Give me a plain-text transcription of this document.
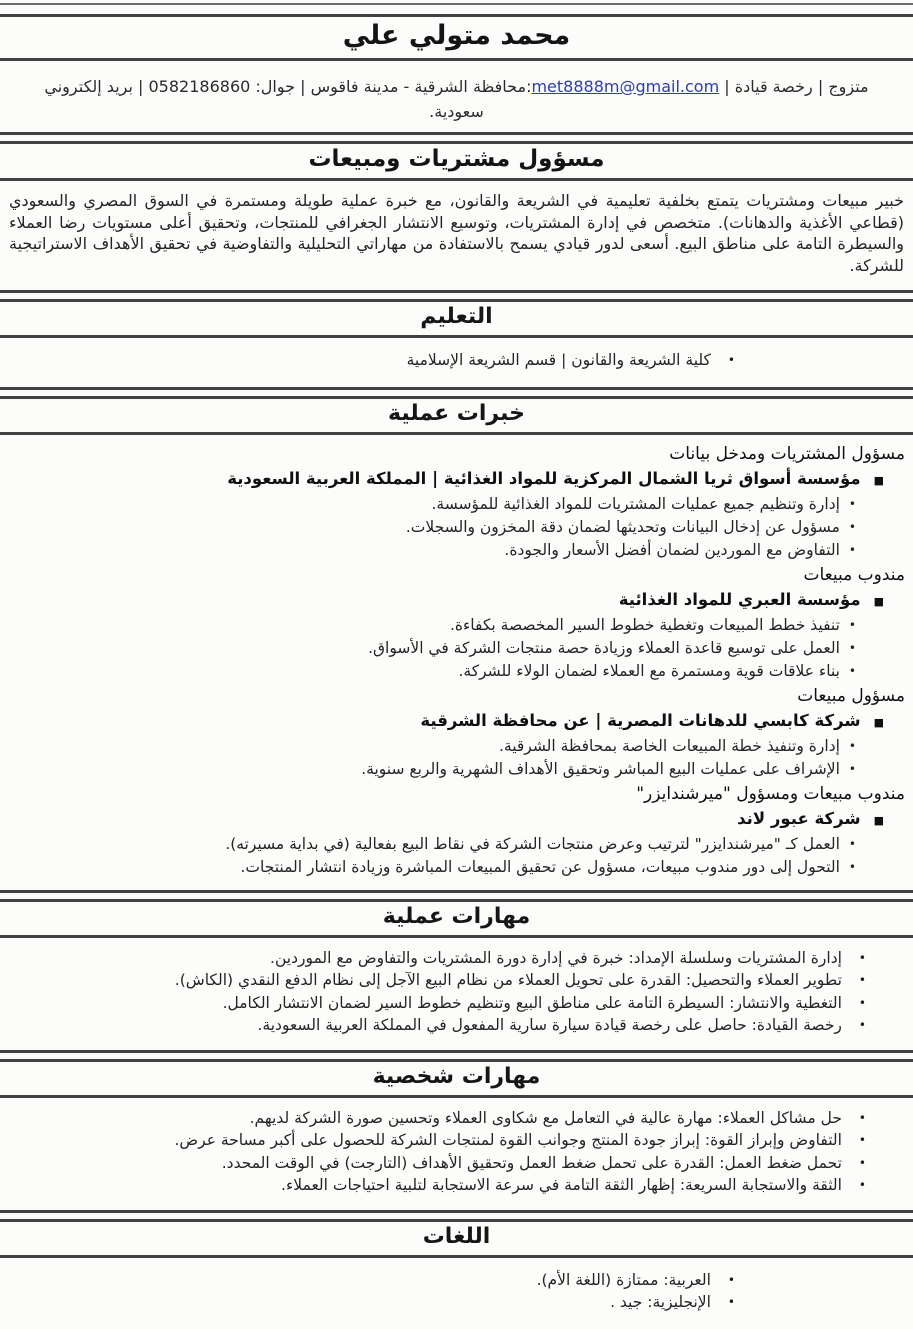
محمد متولي علي
متزوج | رخصة قيادة | met8888m@gmail.com:محافظة الشرقية - مدينة فاقوس | جوال: 0582186860 | بريد إلكتروني
سعودية.
مسؤول مشتريات ومبيعات
خبير مبيعات ومشتريات يتمتع بخلفية تعليمية في الشريعة والقانون، مع خبرة عملية طويلة ومستمرة في السوق المصري والسعودي (قطاعي الأغذية والدهانات). متخصص في إدارة المشتريات، وتوسيع الانتشار الجغرافي للمنتجات، وتحقيق أعلى مستويات رضا العملاء والسيطرة التامة على مناطق البيع. أسعى لدور قيادي يسمح بالاستفادة من مهاراتي التحليلية والتفاوضية في تحقيق الأهداف الاستراتيجية للشركة.
التعليم
•
كلية الشريعة والقانون | قسم الشريعة الإسلامية
خبرات عملية
مسؤول المشتريات ومدخل بيانات
■
مؤسسة أسواق ثريا الشمال المركزية للمواد الغذائية | المملكة العربية السعودية
•
إدارة وتنظيم جميع عمليات المشتريات للمواد الغذائية للمؤسسة.
•
مسؤول عن إدخال البيانات وتحديثها لضمان دقة المخزون والسجلات.
•
التفاوض مع الموردين لضمان أفضل الأسعار والجودة.
مندوب مبيعات
■
مؤسسة العبري للمواد الغذائية
•
تنفيذ خطط المبيعات وتغطية خطوط السير المخصصة بكفاءة.
•
العمل على توسيع قاعدة العملاء وزيادة حصة منتجات الشركة في الأسواق.
•
بناء علاقات قوية ومستمرة مع العملاء لضمان الولاء للشركة.
مسؤول مبيعات
■
شركة كابسي للدهانات المصرية | عن محافظة الشرقية
•
إدارة وتنفيذ خطة المبيعات الخاصة بمحافظة الشرقية.
•
الإشراف على عمليات البيع المباشر وتحقيق الأهداف الشهرية والربع سنوية.
مندوب مبيعات ومسؤول "ميرشندايزر"
■
شركة عبور لاند
•
العمل كـ "ميرشندايزر" لترتيب وعرض منتجات الشركة في نقاط البيع بفعالية (في بداية مسيرته).
•
التحول إلى دور مندوب مبيعات، مسؤول عن تحقيق المبيعات المباشرة وزيادة انتشار المنتجات.
مهارات عملية
•
إدارة المشتريات وسلسلة الإمداد: خبرة في إدارة دورة المشتريات والتفاوض مع الموردين.
•
تطوير العملاء والتحصيل: القدرة على تحويل العملاء من نظام البيع الآجل إلى نظام الدفع النقدي (الكاش).
•
التغطية والانتشار: السيطرة التامة على مناطق البيع وتنظيم خطوط السير لضمان الانتشار الكامل.
•
رخصة القيادة: حاصل على رخصة قيادة سيارة سارية المفعول في المملكة العربية السعودية.
مهارات شخصية
•
حل مشاكل العملاء: مهارة عالية في التعامل مع شكاوى العملاء وتحسين صورة الشركة لديهم.
•
التفاوض وإبراز القوة: إبراز جودة المنتج وجوانب القوة لمنتجات الشركة للحصول على أكبر مساحة عرض.
•
تحمل ضغط العمل: القدرة على تحمل ضغط العمل وتحقيق الأهداف (التارجت) في الوقت المحدد.
•
الثقة والاستجابة السريعة: إظهار الثقة التامة في سرعة الاستجابة لتلبية احتياجات العملاء.
اللغات
•
العربية: ممتازة (اللغة الأم).
•
الإنجليزية: جيد .
